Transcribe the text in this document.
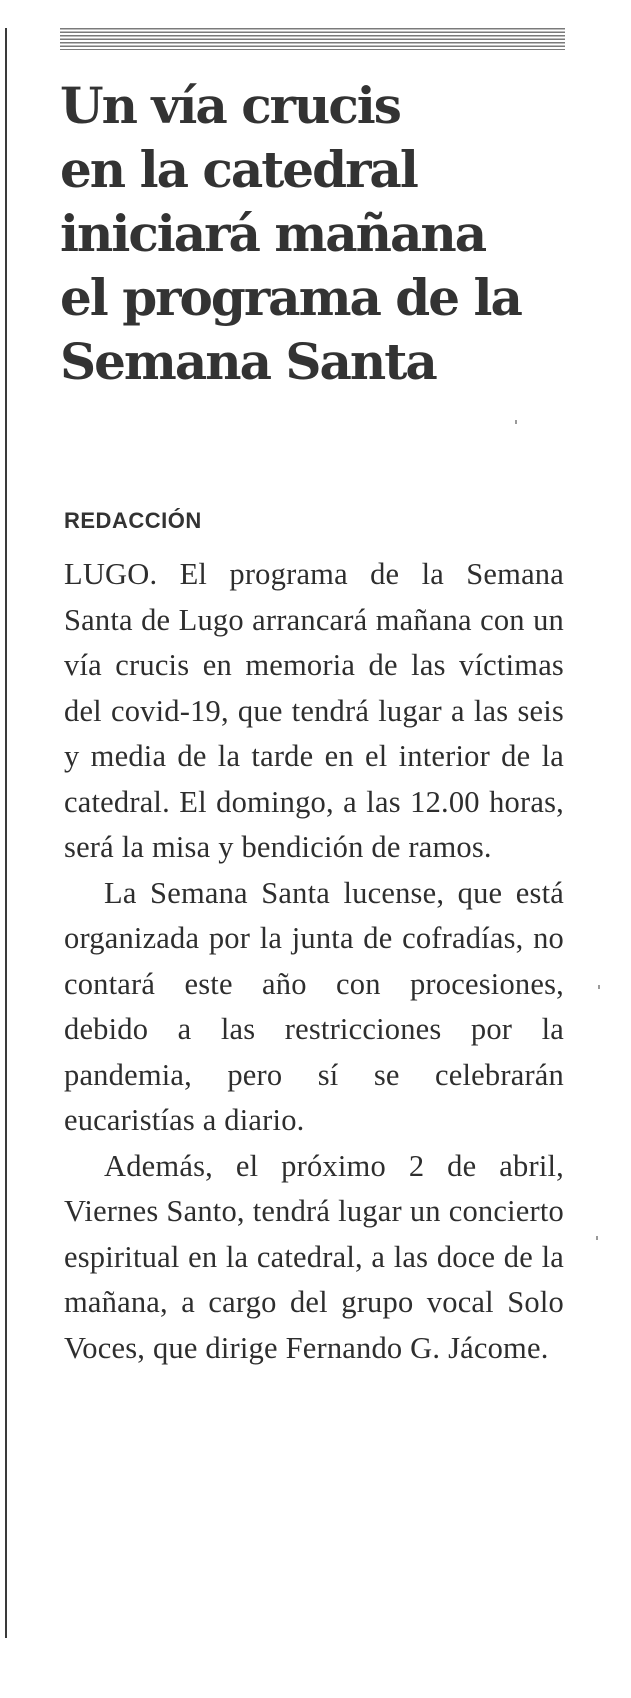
Un vía crucis
en la catedral
iniciará mañana
el programa de la
Semana Santa

REDACCIÓN

LUGO. El programa de la Semana Santa de Lugo arrancará mañana con un vía crucis en memoria de las víctimas del covid-19, que tendrá lugar a las seis y media de la tarde en el interior de la catedral. El domingo, a las 12.00 horas, será la misa y bendición de ramos.

La Semana Santa lucense, que está organizada por la junta de cofradías, no contará este año con procesiones, debido a las restricciones por la pandemia, pero sí se celebrarán eucaristías a diario.

Además, el próximo 2 de abril, Viernes Santo, tendrá lugar un concierto espiritual en la catedral, a las doce de la mañana, a cargo del grupo vocal Solo Voces, que dirige Fernando G. Jácome.
